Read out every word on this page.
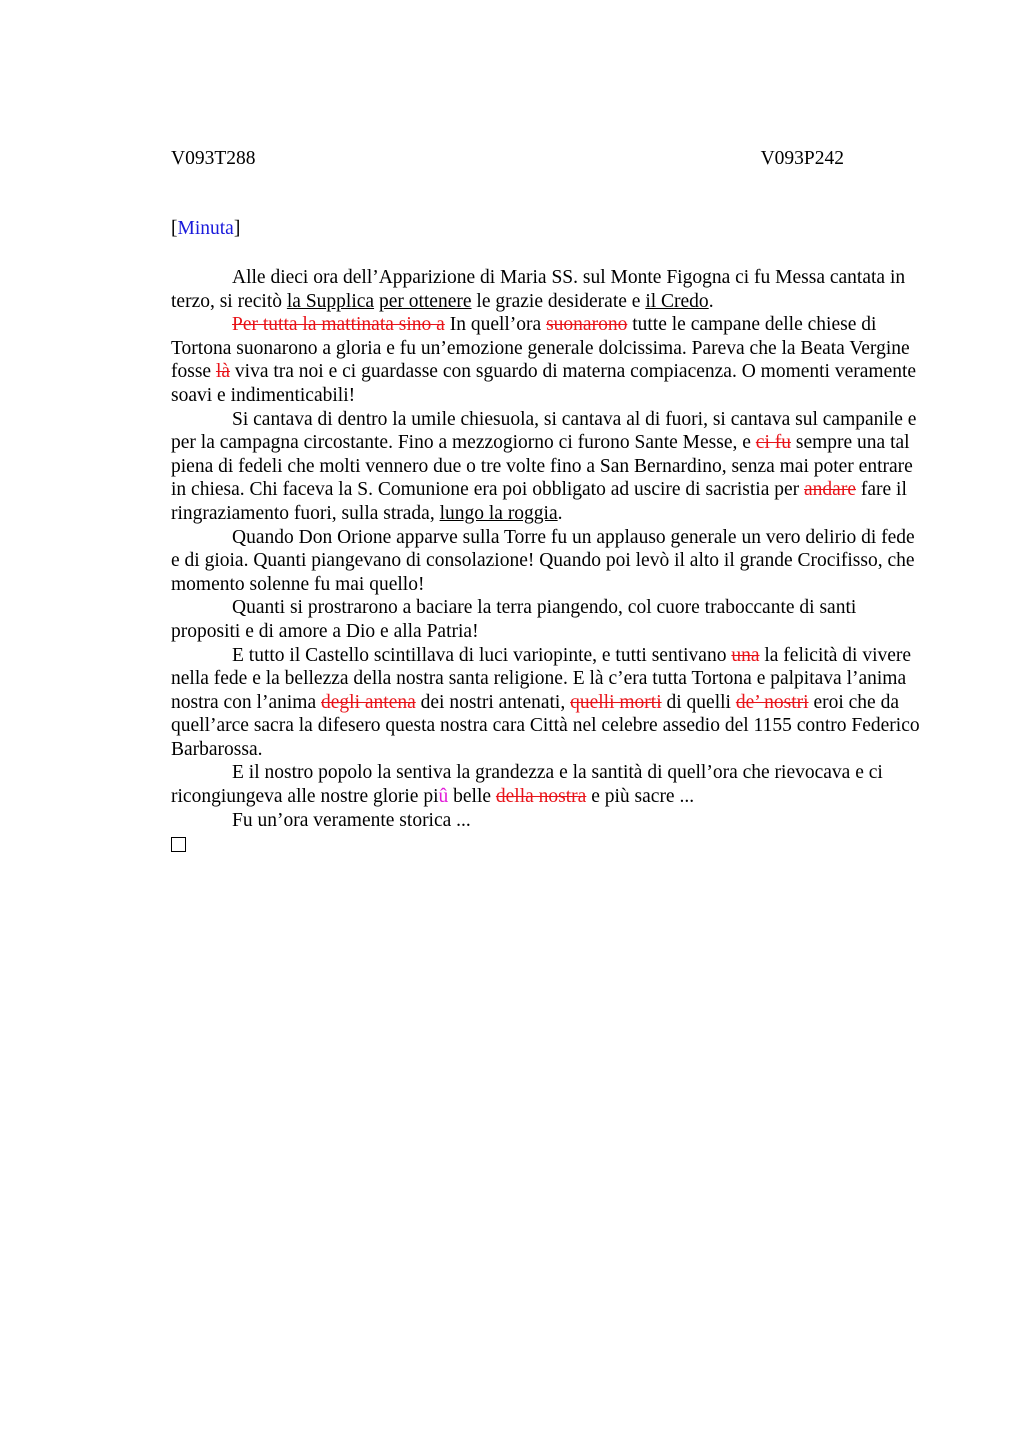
V093T288	V093P242
[Minuta]

Alle dieci ora dell’Apparizione di Maria SS. sul Monte Figogna ci fu Messa cantata in terzo, si recitò la Supplica per ottenere le grazie desiderate e il Credo.

Per tutta la mattinata sino a In quell’ora suonarono tutte le campane delle chiese di Tortona suonarono a gloria e fu un’emozione generale dolcissima. Pareva che la Beata Vergine fosse là viva tra noi e ci guardasse con sguardo di materna compiacenza. O momenti veramente soavi e indimenticabili!

Si cantava di dentro la umile chiesuola, si cantava al di fuori, si cantava sul campanile e per la campagna circostante. Fino a mezzogiorno ci furono Sante Messe, e ci fu sempre una tal piena di fedeli che molti vennero due o tre volte fino a San Bernardino, senza mai poter entrare in chiesa. Chi faceva la S. Comunione era poi obbligato ad uscire di sacristia per andare fare il ringraziamento fuori, sulla strada, lungo la roggia.

Quando Don Orione apparve sulla Torre fu un applauso generale un vero delirio di fede e di gioia. Quanti piangevano di consolazione! Quando poi levò il alto il grande Crocifisso, che momento solenne fu mai quello!

Quanti si prostrarono a baciare la terra piangendo, col cuore traboccante di santi propositi e di amore a Dio e alla Patria!

E tutto il Castello scintillava di luci variopinte, e tutti sentivano una la felicità di vivere nella fede e la bellezza della nostra santa religione. E là c’era tutta Tortona e palpitava l’anima nostra con l’anima degli antena dei nostri antenati, quelli morti di quelli de’ nostri eroi che da quell’arce sacra la difesero questa nostra cara Città nel celebre assedio del 1155 contro Federico Barbarossa.

E il nostro popolo la sentiva la grandezza e la santità di quell’ora che rievocava e ci ricongiungeva alle nostre glorie piû belle della nostra e più sacre ...

Fu un’ora veramente storica ...
